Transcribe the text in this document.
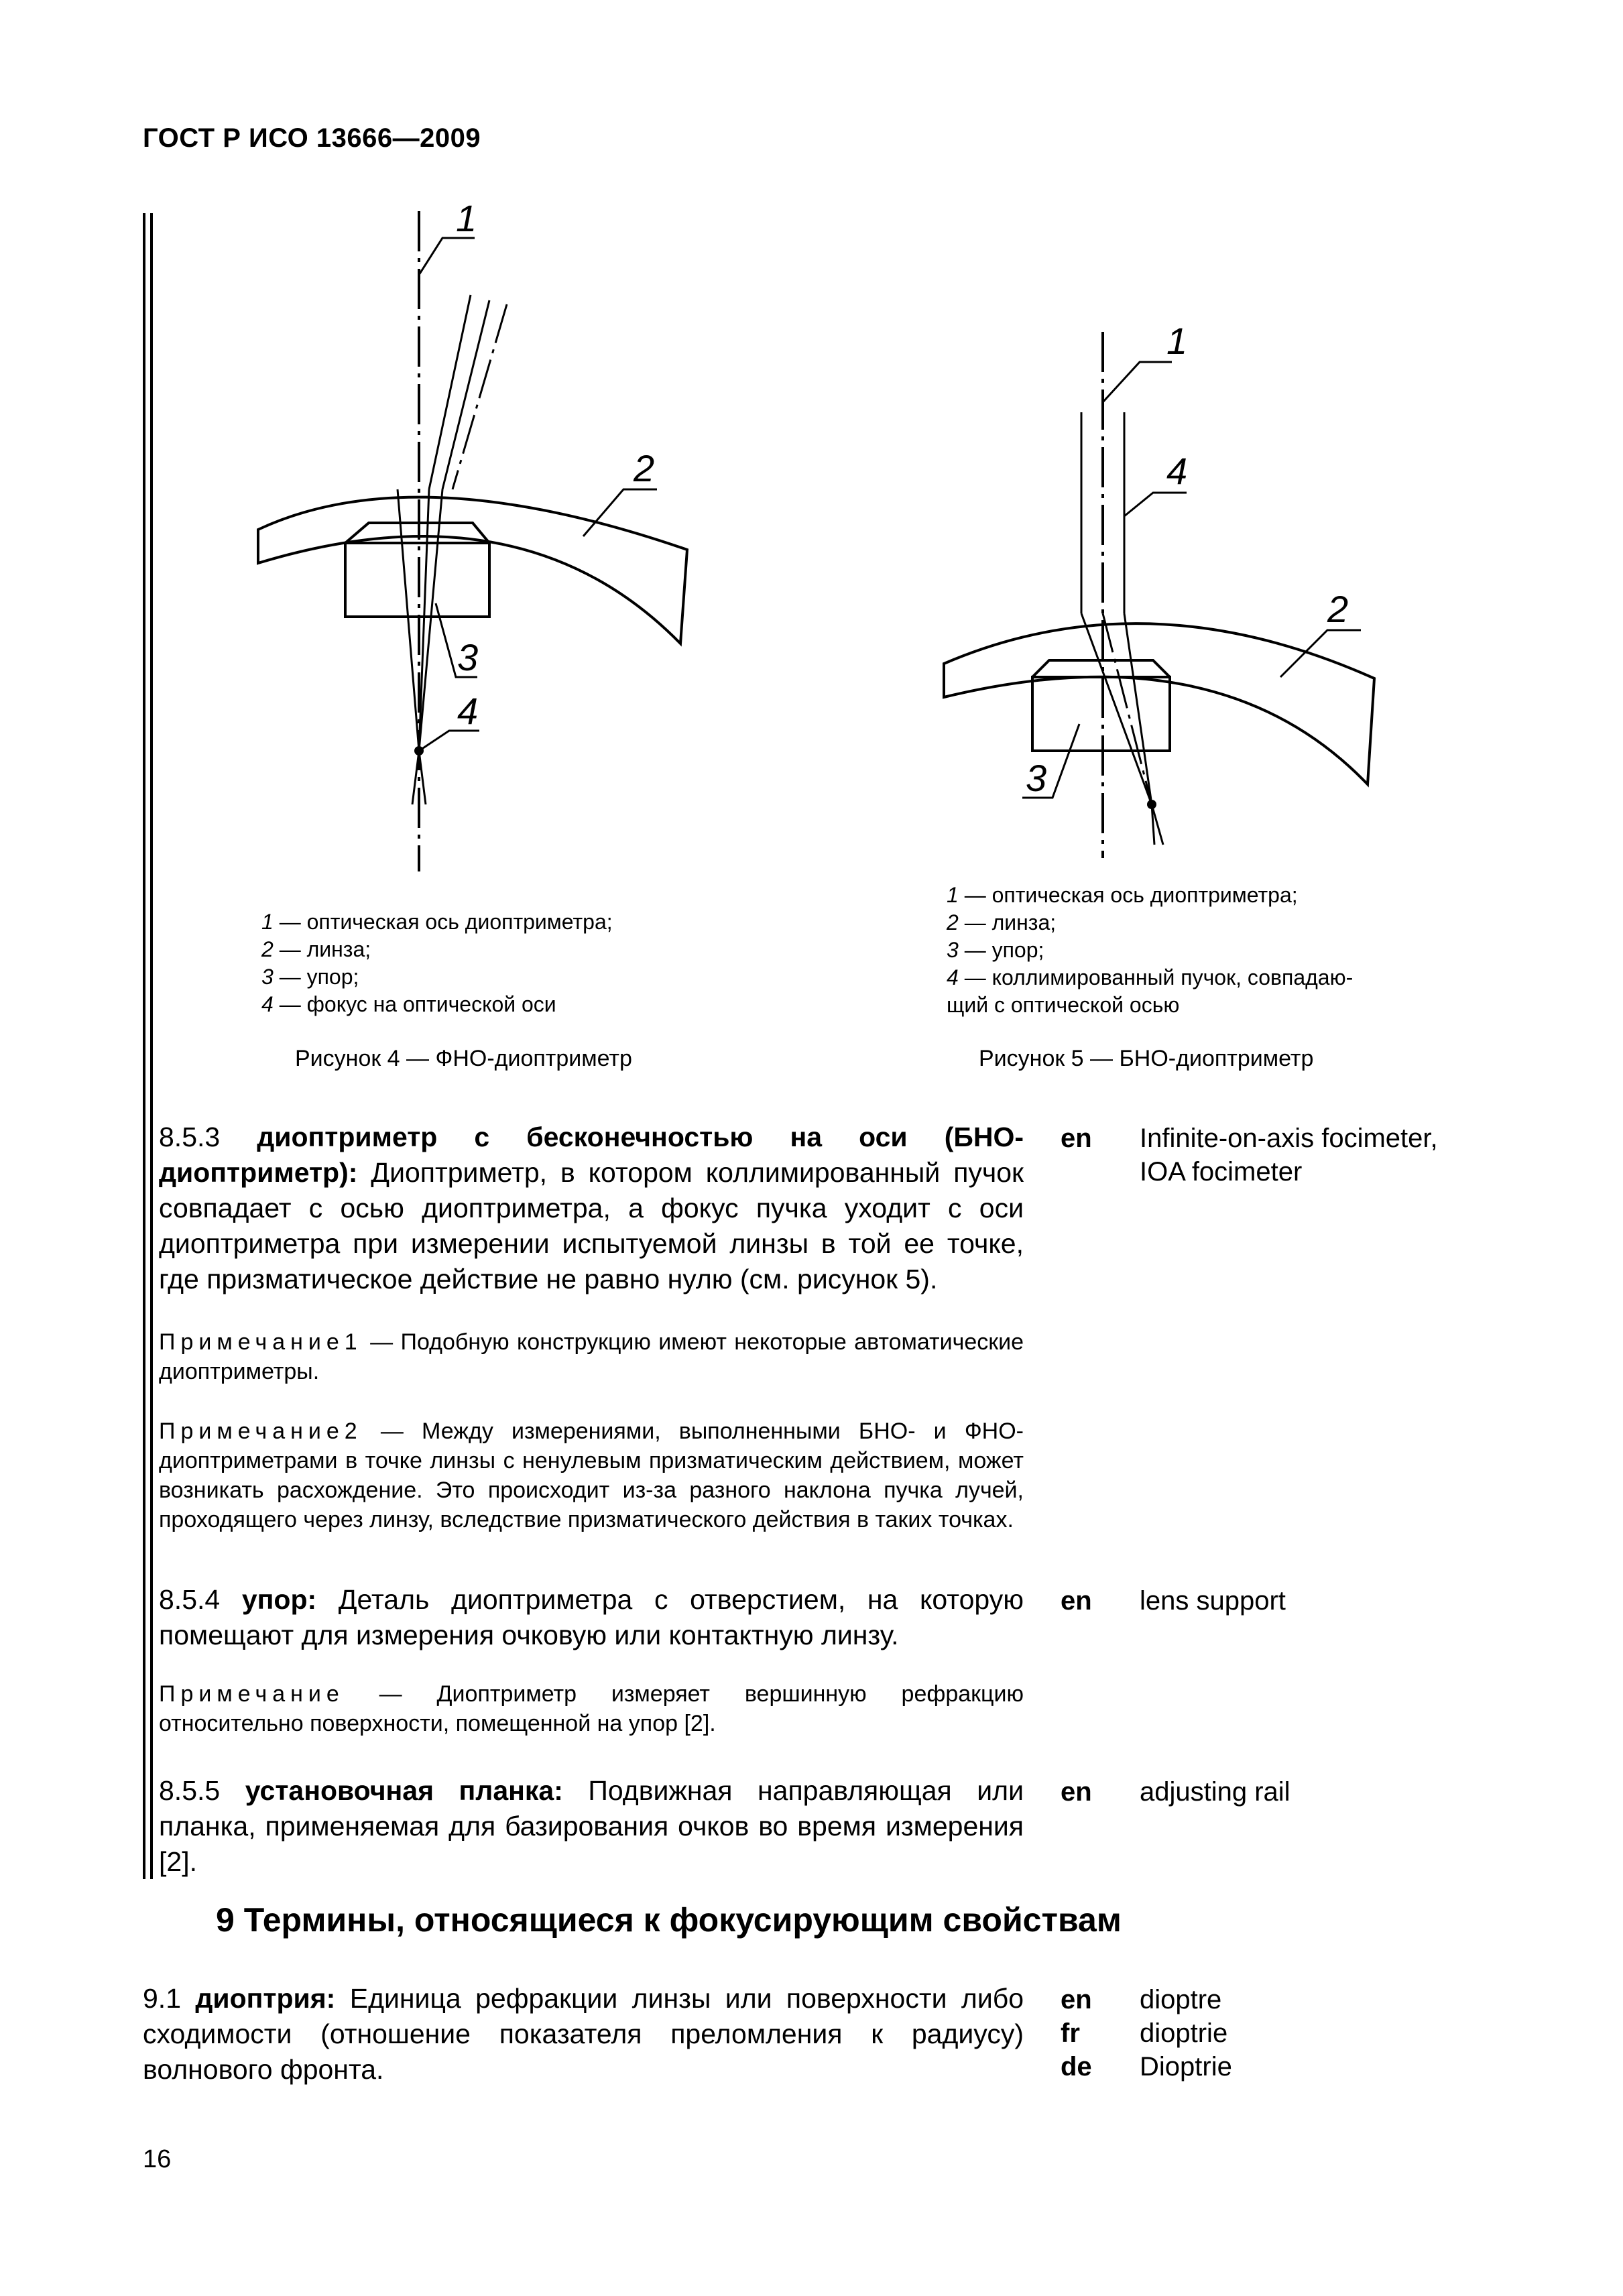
ГОСТ Р ИСО 13666—2009
1
2
3
4
1 — оптическая ось диоптриметра;
2 — линза;
3 — упор;
4 — фокус на оптической оси
Рисунок 4 — ФНО-диоптриметр
1
4
2
3
1 — оптическая ось диоптриметра;
2 — линза;
3 — упор;
4 — коллимированный пучок, совпадаю-
щий с оптической осью
Рисунок 5 — БНО-диоптриметр
8.5.3 диоптриметр с бесконечностью на оси (БНО-диоптриметр): Диоптриметр, в котором коллимированный пучок совпадает с осью диоптриметра, а фокус пучка уходит с оси диоптриметра при измерении испытуемой линзы в той ее точке, где призматическое действие не равно нулю (см. рисунок 5).
en Infinite-on-axis focimeter,
IOA focimeter
Примечание1 — Подобную конструкцию имеют некоторые автоматические диоптриметры.
Примечание2 — Между измерениями, выполненными БНО- и ФНО-диоптриметрами в точке линзы с ненулевым призматическим действием, может возникать расхождение. Это происходит из-за разного наклона пучка лучей, проходящего через линзу, вследствие призматического действия в таких точках.
8.5.4 упор: Деталь диоптриметра с отверстием, на которую помещают для измерения очковую или контактную линзу.
en lens support
Примечание — Диоптриметр измеряет вершинную рефракцию относительно поверхности, помещенной на упор [2].
8.5.5 установочная планка: Подвижная направляющая или планка, применяемая для базирования очков во время измерения [2].
en adjusting rail
9 Термины, относящиеся к фокусирующим свойствам
9.1 диоптрия: Единица рефракции линзы или поверхности либо сходимости (отношение показателя преломления к радиусу) волнового фронта.
en
fr
de
dioptre
dioptrie
Dioptrie
16
